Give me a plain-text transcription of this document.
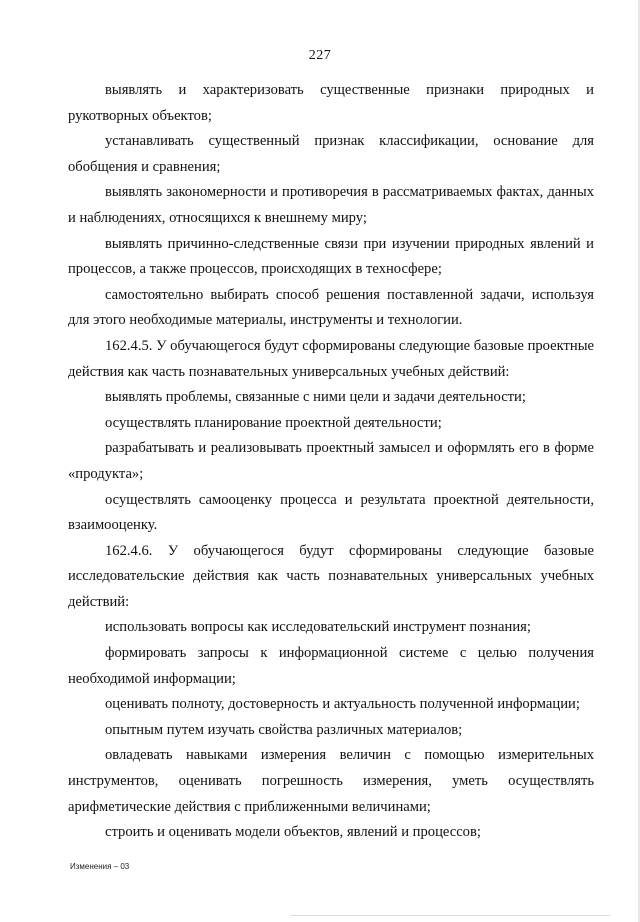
227

выявлять и характеризовать существенные признаки природных и рукотворных объектов;

устанавливать существенный признак классификации, основание для обобщения и сравнения;

выявлять закономерности и противоречия в рассматриваемых фактах, данных и наблюдениях, относящихся к внешнему миру;

выявлять причинно-следственные связи при изучении природных явлений и процессов, а также процессов, происходящих в техносфере;

самостоятельно выбирать способ решения поставленной задачи, используя для этого необходимые материалы, инструменты и технологии.

162.4.5. У обучающегося будут сформированы следующие базовые проектные действия как часть познавательных универсальных учебных действий:

выявлять проблемы, связанные с ними цели и задачи деятельности;

осуществлять планирование проектной деятельности;

разрабатывать и реализовывать проектный замысел и оформлять его в форме «продукта»;

осуществлять самооценку процесса и результата проектной деятельности, взаимооценку.

162.4.6. У обучающегося будут сформированы следующие базовые исследовательские действия как часть познавательных универсальных учебных действий:

использовать вопросы как исследовательский инструмент познания;

формировать запросы к информационной системе с целью получения необходимой информации;

оценивать полноту, достоверность и актуальность полученной информации;

опытным путем изучать свойства различных материалов;

овладевать навыками измерения величин с помощью измерительных инструментов, оценивать погрешность измерения, уметь осуществлять арифметические действия с приближенными величинами;

строить и оценивать модели объектов, явлений и процессов;

Изменения – 03
